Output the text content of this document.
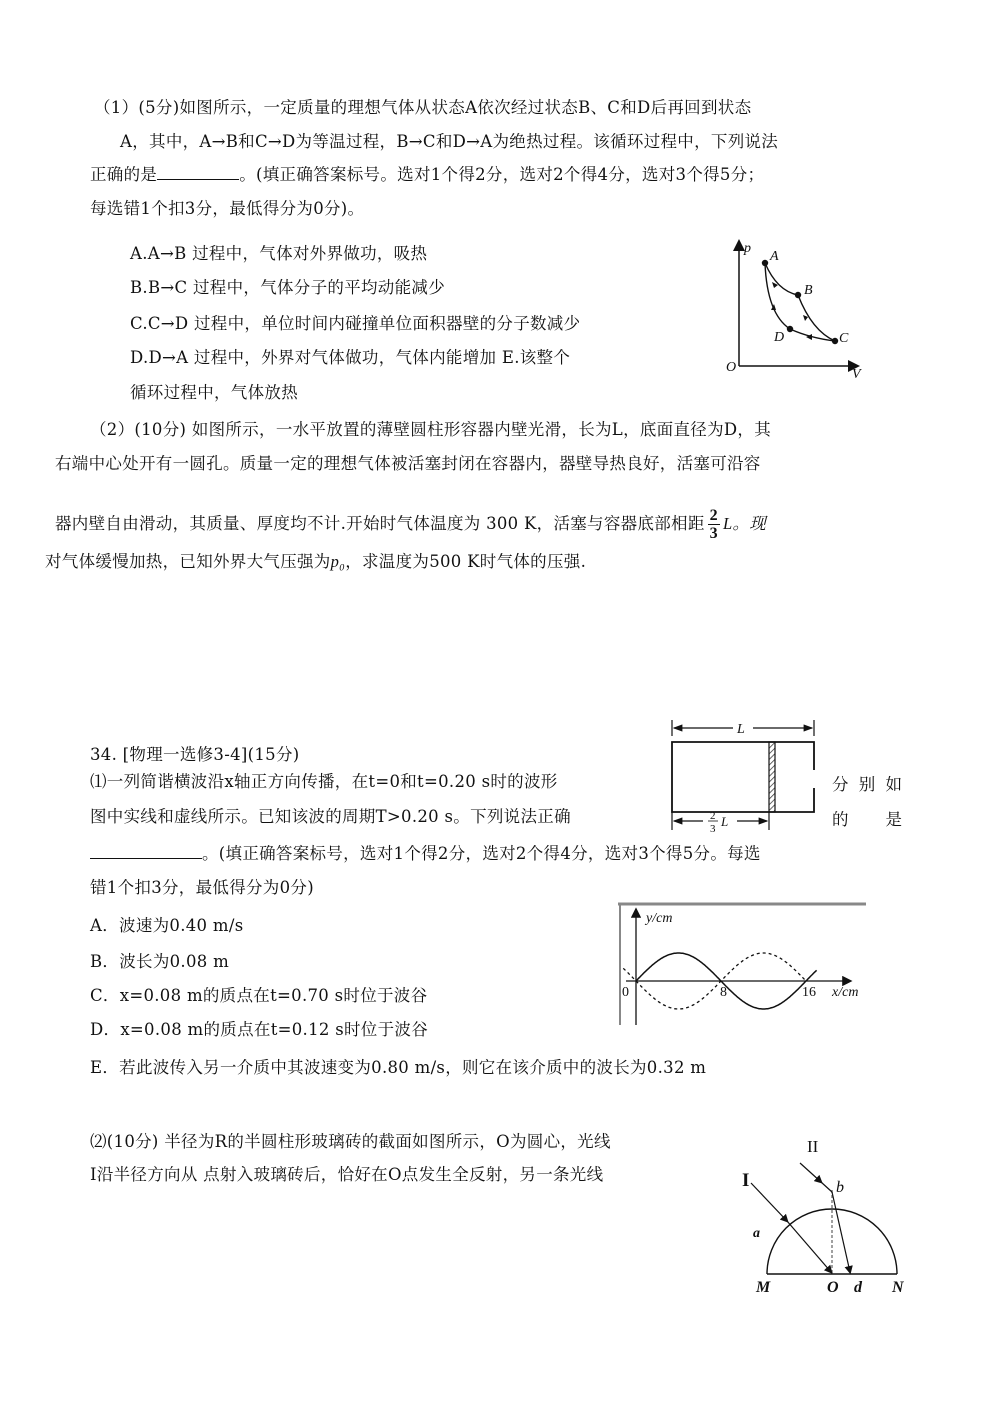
（1）(5分)如图所示，一定质量的理想气体从状态A依次经过状态B、C和D后再回到状态
A，其中，A→B和C→D为等温过程，B→C和D→A为绝热过程。该循环过程中，下列说法
正确的是	。(填正确答案标号。选对1个得2分，选对2个得4分，选对3个得5分；
每选错1个扣3分，最低得分为0分)。
A.A→B 过程中，气体对外界做功，吸热
B.B→C 过程中，气体分子的平均动能减少
C.C→D 过程中，单位时间内碰撞单位面积器壁的分子数减少
D.D→A 过程中，外界对气体做功，气体内能增加 E.该整个
循环过程中，气体放热
p
V
O
A
B
C
D
（2）(10分) 如图所示，一水平放置的薄壁圆柱形容器内壁光滑，长为L，底面直径为D，其
右端中心处开有一圆孔。质量一定的理想气体被活塞封闭在容器内，器壁导热良好，活塞可沿容
器内壁自由滑动，其质量、厚度均不计.开始时气体温度为 300 K，活塞与容器底部相距 $\frac{2}{3}$ L。现
对气体缓慢加热，已知外界大气压强为p₀，求温度为500 K时气体的压强.
34. [物理一选修3-4](15分)
⑴一列简谐横波沿x轴正方向传播，在t=0和t=0.20 s时的波形
图中实线和虚线所示。已知该波的周期T>0.20 s。下列说法正确
分 别 如
的 是
。(填正确答案标号，选对1个得2分，选对2个得4分，选对3个得5分。每选
错1个扣3分，最低得分为0分)
L
2
3 L
A．波速为0.40 m/s
B．波长为0.08 m
C．x=0.08 m的质点在t=0.70 s时位于波谷
D．x=0.08 m的质点在t=0.12 s时位于波谷
E．若此波传入另一介质中其波速变为0.80 m/s，则它在该介质中的波长为0.32 m
y/cm
x/cm
0	8	16
⑵(10分) 半径为R的半圆柱形玻璃砖的截面如图所示，O为圆心，光线
I沿半径方向从 点射入玻璃砖后，恰好在O点发生全反射，另一条光线	I
II
a
b
M	O d N
